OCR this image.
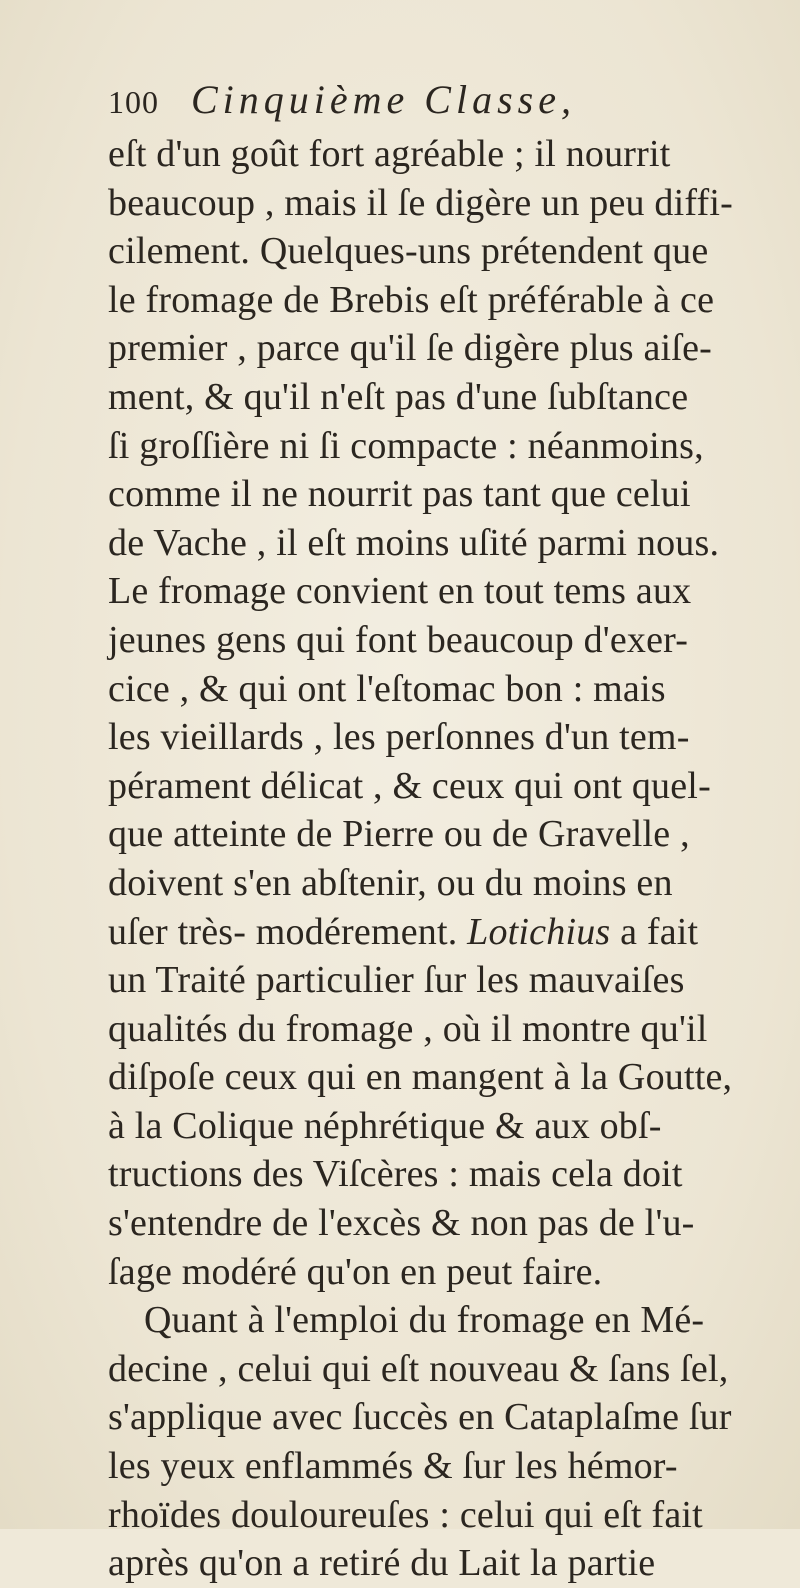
100 Cinquième Classe,
eſt d'un goût fort agréable ; il nourrit
beaucoup , mais il ſe digère un peu diffi-
cilement. Quelques-uns prétendent que
le fromage de Brebis eſt préférable à ce
premier , parce qu'il ſe digère plus aiſe-
ment, & qu'il n'eſt pas d'une ſubſtance
ſi groſſière ni ſi compacte : néanmoins,
comme il ne nourrit pas tant que celui
de Vache , il eſt moins uſité parmi nous.
Le fromage convient en tout tems aux
jeunes gens qui font beaucoup d'exer-
cice , & qui ont l'eſtomac bon : mais
les vieillards , les perſonnes d'un tem-
pérament délicat , & ceux qui ont quel-
que atteinte de Pierre ou de Gravelle ,
doivent s'en abſtenir, ou du moins en
uſer très- modérement. Lotichius a fait
un Traité particulier ſur les mauvaiſes
qualités du fromage , où il montre qu'il
diſpoſe ceux qui en mangent à la Goutte,
à la Colique néphrétique & aux obſ-
tructions des Viſcères : mais cela doit
s'entendre de l'excès & non pas de l'u-
ſage modéré qu'on en peut faire.
Quant à l'emploi du fromage en Mé-
decine , celui qui eſt nouveau & ſans ſel,
s'applique avec ſuccès en Cataplaſme ſur
les yeux enflammés & ſur les hémor-
rhoïdes douloureuſes : celui qui eſt fait
après qu'on a retiré du Lait la partie
